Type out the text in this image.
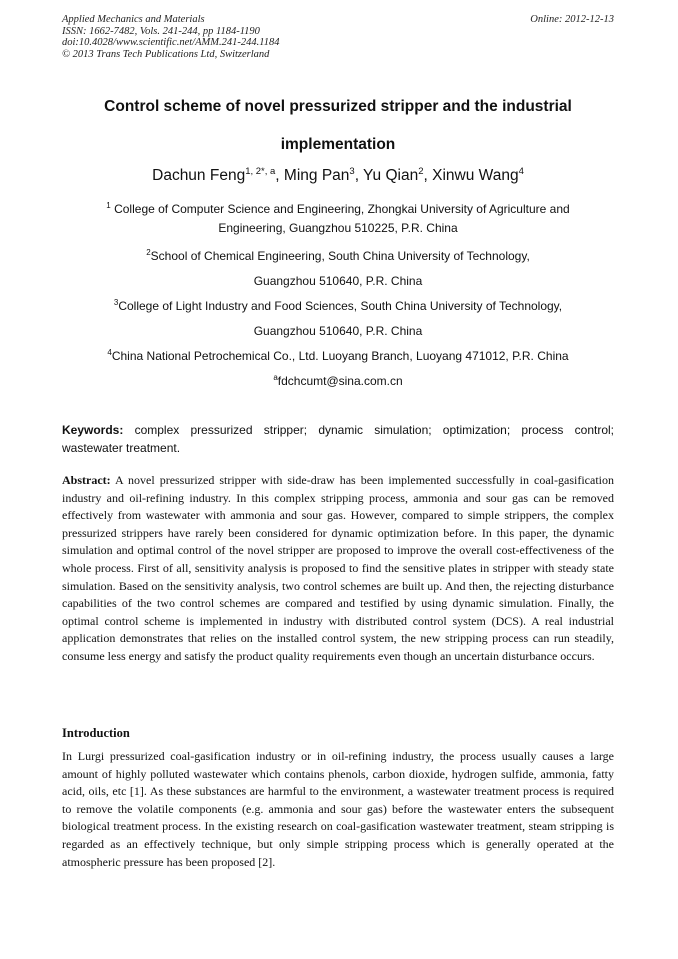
Applied Mechanics and Materials
ISSN: 1662-7482, Vols. 241-244, pp 1184-1190
doi:10.4028/www.scientific.net/AMM.241-244.1184
© 2013 Trans Tech Publications Ltd, Switzerland
Online: 2012-12-13
Control scheme of novel pressurized stripper and the industrial
implementation
Dachun Feng$^{1, 2*, a}$, Ming Pan$^3$, Yu Qian$^2$, Xinwu Wang$^4$

$^1$ College of Computer Science and Engineering, Zhongkai University of Agriculture and
Engineering, Guangzhou 510225, P.R. China

$^2$School of Chemical Engineering, South China University of Technology,
Guangzhou 510640, P.R. China

$^3$College of Light Industry and Food Sciences, South China University of Technology,
Guangzhou 510640, P.R. China

$^4$China National Petrochemical Co., Ltd. Luoyang Branch, Luoyang 471012, P.R. China

$^a$fdchcumt@sina.com.cn

Keywords: complex pressurized stripper; dynamic simulation; optimization; process control; wastewater treatment.
Abstract: A novel pressurized stripper with side-draw has been implemented successfully in coal-gasification industry and oil-refining industry. In this complex stripping process, ammonia and sour gas can be removed effectively from wastewater with ammonia and sour gas. However, compared to simple strippers, the complex pressurized strippers have rarely been considered for dynamic optimization before. In this paper, the dynamic simulation and optimal control of the novel stripper are proposed to improve the overall cost-effectiveness of the whole process. First of all, sensitivity analysis is proposed to find the sensitive plates in stripper with steady state simulation. Based on the sensitivity analysis, two control schemes are built up. And then, the rejecting disturbance capabilities of the two control schemes are compared and testified by using dynamic simulation. Finally, the optimal control scheme is implemented in industry with distributed control system (DCS). A real industrial application demonstrates that relies on the installed control system, the new stripping process can run steadily, consume less energy and satisfy the product quality requirements even though an uncertain disturbance occurs.
Introduction
In Lurgi pressurized coal-gasification industry or in oil-refining industry, the process usually causes a large amount of highly polluted wastewater which contains phenols, carbon dioxide, hydrogen sulfide, ammonia, fatty acid, oils, etc [1]. As these substances are harmful to the environment, a wastewater treatment process is required to remove the volatile components (e.g. ammonia and sour gas) before the wastewater enters the subsequent biological treatment process. In the existing research on coal-gasification wastewater treatment, steam stripping is regarded as an effectively technique, but only simple stripping process which is generally operated at the atmospheric pressure has been proposed [2].
